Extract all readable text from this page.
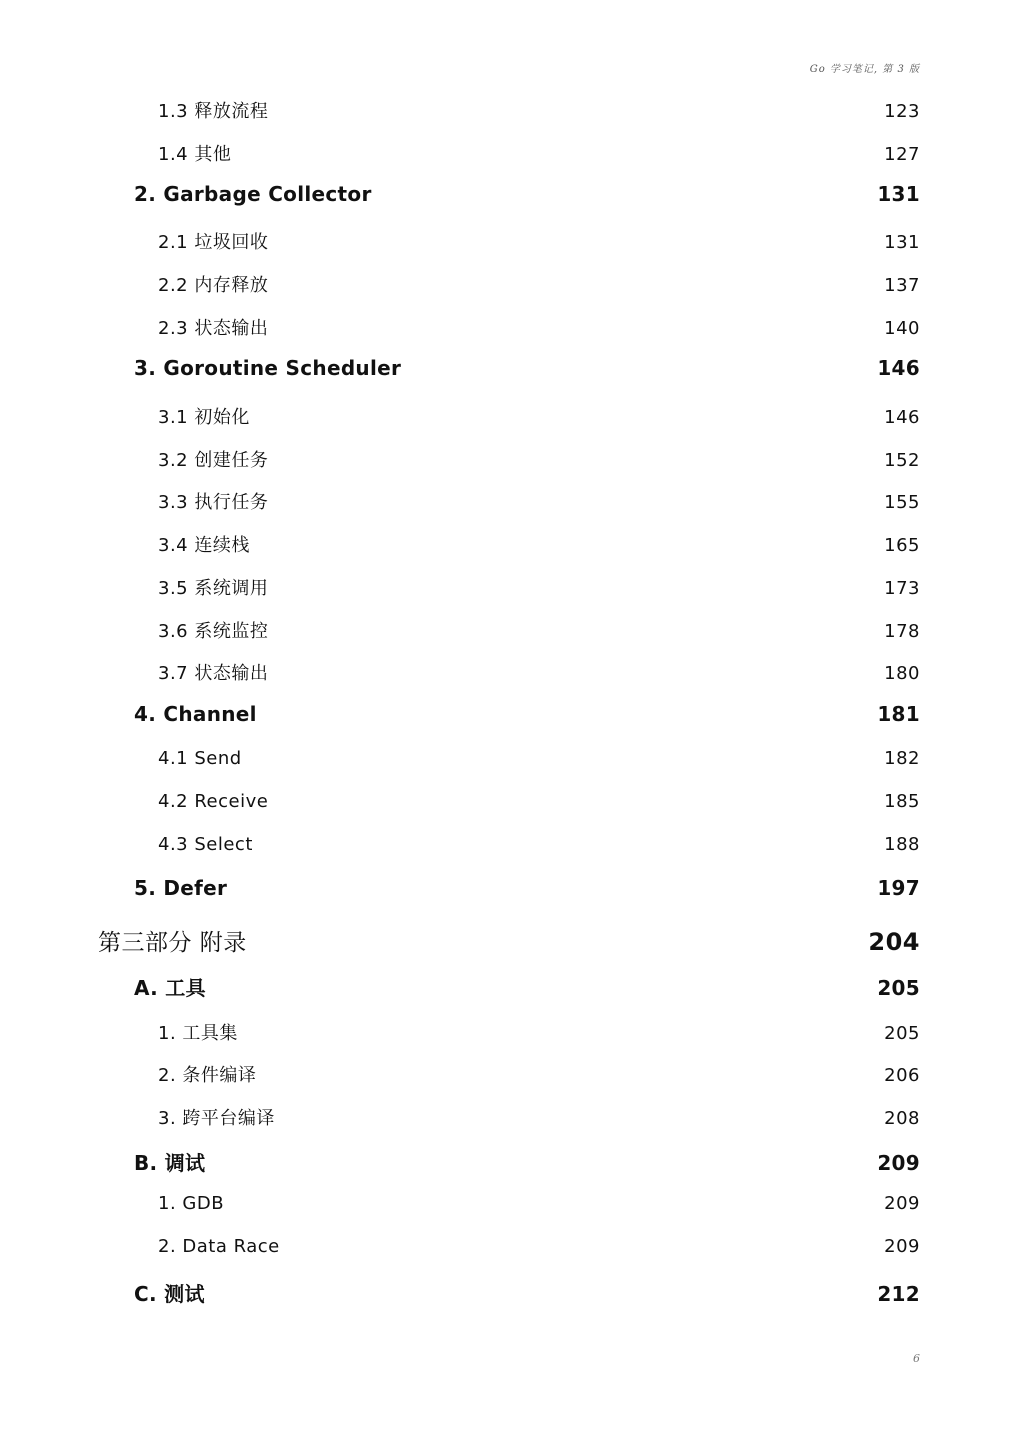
Go 学习笔记, 第 3 版
1.3 释放流程	123
1.4 其他	127
2. Garbage Collector	131
2.1 垃圾回收	131
2.2 内存释放	137
2.3 状态输出	140
3. Goroutine Scheduler	146
3.1 初始化	146
3.2 创建任务	152
3.3 执行任务	155
3.4 连续栈	165
3.5 系统调用	173
3.6 系统监控	178
3.7 状态输出	180
4. Channel	181
4.1 Send	182
4.2 Receive	185
4.3 Select	188
5. Defer	197
第三部分 附录	204
A. 工具	205
1. 工具集	205
2. 条件编译	206
3. 跨平台编译	208
B. 调试	209
1. GDB	209
2. Data Race	209
C. 测试	212
6
